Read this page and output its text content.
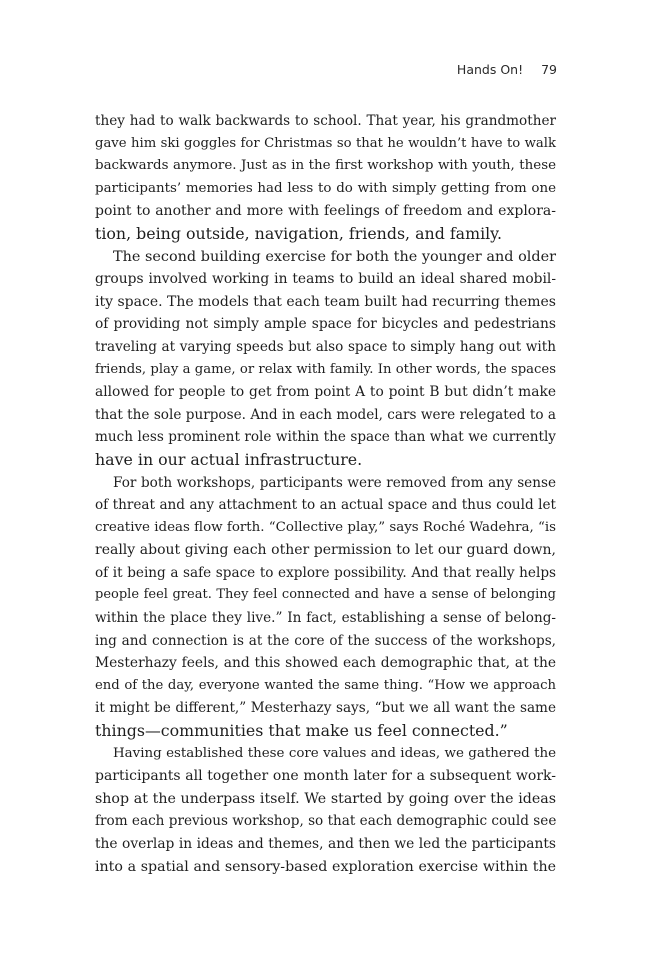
Hands On! 79
they had to walk backwards to school. That year, his grandmother
gave him ski goggles for Christmas so that he wouldn’t have to walk
backwards anymore. Just as in the first workshop with youth, these
participants’ memories had less to do with simply getting from one
point to another and more with feelings of freedom and explora-
tion, being outside, navigation, friends, and family.
The second building exercise for both the younger and older
groups involved working in teams to build an ideal shared mobil-
ity space. The models that each team built had recurring themes
of providing not simply ample space for bicycles and pedestrians
traveling at varying speeds but also space to simply hang out with
friends, play a game, or relax with family. In other words, the spaces
allowed for people to get from point A to point B but didn’t make
that the sole purpose. And in each model, cars were relegated to a
much less prominent role within the space than what we currently
have in our actual infrastructure.
For both workshops, participants were removed from any sense
of threat and any attachment to an actual space and thus could let
creative ideas flow forth. “Collective play,” says Roché Wadehra, “is
really about giving each other permission to let our guard down,
of it being a safe space to explore possibility. And that really helps
people feel great. They feel connected and have a sense of belonging
within the place they live.” In fact, establishing a sense of belong-
ing and connection is at the core of the success of the workshops,
Mesterhazy feels, and this showed each demographic that, at the
end of the day, everyone wanted the same thing. “How we approach
it might be different,” Mesterhazy says, “but we all want the same
things—communities that make us feel connected.”
Having established these core values and ideas, we gathered the
participants all together one month later for a subsequent work-
shop at the underpass itself. We started by going over the ideas
from each previous workshop, so that each demographic could see
the overlap in ideas and themes, and then we led the participants
into a spatial and sensory-based exploration exercise within the
